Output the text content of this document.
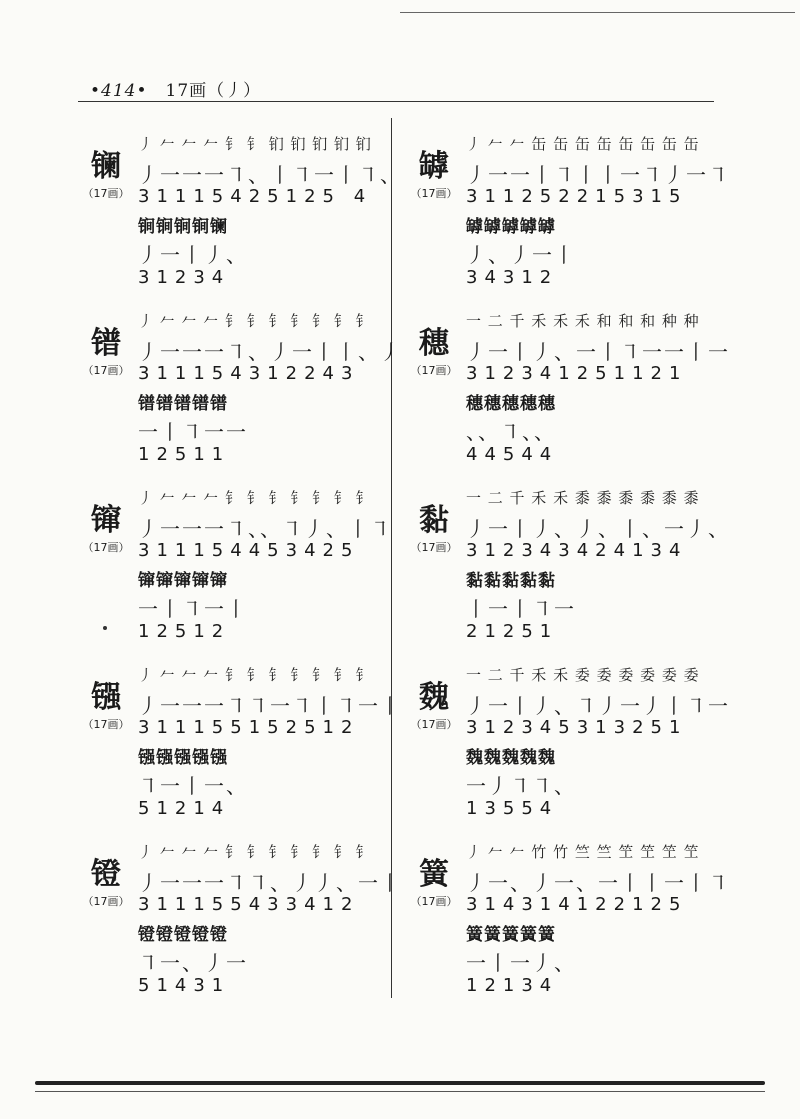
•414• 17画（丿）
镧
（17画）
丿 𠂉 𠂉 𠂉 钅 钅 钔 钔 钔 钔 钔
丿一一一㇕、丨㇕一丨㇕、
31115425125 4
锏锏锏锏镧
丿一丨丿、
31234
镨
（17画）
丿 𠂉 𠂉 𠂉 钅 钅 钅 钅 钅 钅 钅
丿一一一㇕、丿一丨丨、丿
311154312243
镨镨镨镨镨
一丨㇕一一
12511
镩
（17画）
丿 𠂉 𠂉 𠂉 钅 钅 钅 钅 钅 钅 钅
丿一一一㇕、、㇕丿、丨㇕
311154453425
镩镩镩镩镩
一丨㇕一丨
12512
镪
（17画）
丿 𠂉 𠂉 𠂉 钅 钅 钅 钅 钅 钅 钅
丿一一一㇕㇕一㇕丨㇕一丨
311155152512
镪镪镪镪镪
㇕一丨一、
51214
镫
（17画）
丿 𠂉 𠂉 𠂉 钅 钅 钅 钅 钅 钅 钅
丿一一一㇕㇕、丿丿、一丨
311155433412
镫镫镫镫镫
㇕一、丿一
51431
罅
（17画）
丿 𠂉 𠂉 缶 缶 缶 缶 缶 缶 缶 缶
丿一一丨㇕丨丨一㇕丿一㇕
311252215315
罅罅罅罅罅
丿、丿一丨
34312
穗
（17画）
一 二 千 禾 禾 禾 和 和 和 种 种
丿一丨丿、一丨㇕一一丨一
312341251121
穗穗穗穗穗
、、㇕、、
44544
黏
（17画）
一 二 千 禾 禾 黍 黍 黍 黍 黍 黍
丿一丨丿、丿、丨、一丿、
312343424134
黏黏黏黏黏
丨一丨㇕一
21251
魏
（17画）
一 二 千 禾 禾 委 委 委 委 委 委
丿一丨丿、㇕丿一丿丨㇕一
312345313251
魏魏魏魏魏
一丿㇕㇕、
13554
簧
（17画）
丿 𠂉 𠂉 竹 竹 竺 竺 笁 笁 笁 笁
丿一、丿一、一丨丨一丨㇕
314314122125
簧簧簧簧簧
一丨一丿、
12134
